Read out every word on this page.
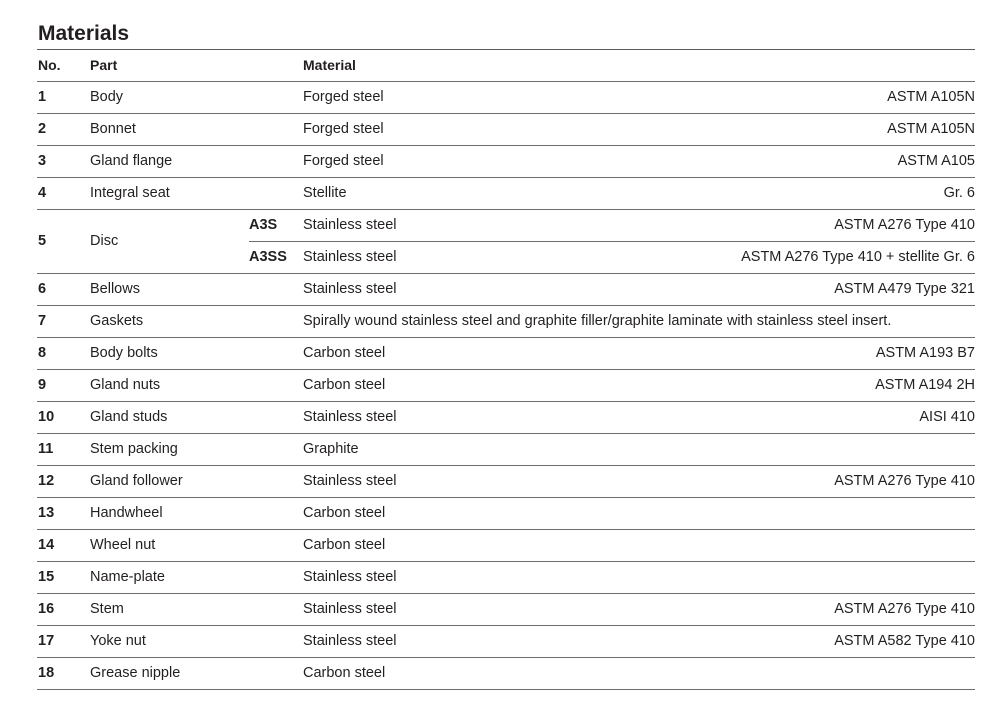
Materials
No. Part	Material
1	Body	Forged steel	ASTM A105N
2	Bonnet	Forged steel	ASTM A105N
3	Gland flange	Forged steel	ASTM A105
4	Integral seat	Stellite	Gr. 6
5	Disc
A3S Stainless steel	ASTM A276 Type 410
A3SS Stainless steel	ASTM A276 Type 410 + stellite Gr. 6
6	Bellows	Stainless steel	ASTM A479 Type 321
7	Gaskets	Spirally wound stainless steel and graphite filler/graphite laminate with stainless steel insert.
8	Body bolts	Carbon steel	ASTM A193 B7
9	Gland nuts	Carbon steel	ASTM A194 2H
10 Gland studs	Stainless steel	AISI 410
11	Stem packing	Graphite
12 Gland follower	Stainless steel	ASTM A276 Type 410
13 Handwheel	Carbon steel
14 Wheel nut	Carbon steel
15 Name-plate	Stainless steel
16 Stem	Stainless steel	ASTM A276 Type 410
17 Yoke nut	Stainless steel	ASTM A582 Type 410
18 Grease nipple	Carbon steel
